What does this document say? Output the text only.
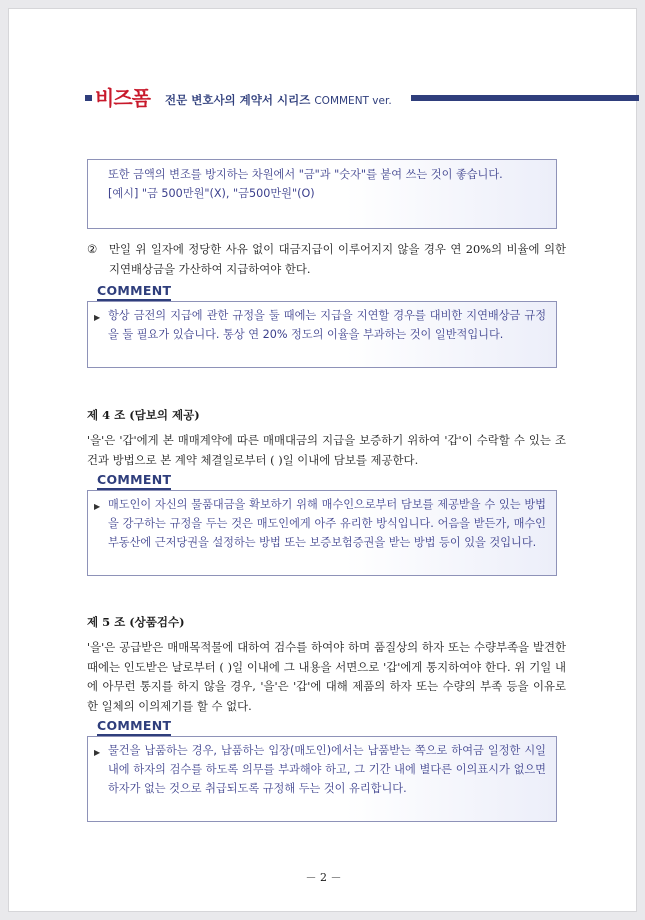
비즈폼 전문 변호사의 계약서 시리즈 COMMENT ver.

또한 금액의 변조를 방지하는 차원에서 "금"과 "숫자"를 붙여 쓰는 것이 좋습니다.

[예시] "금 500만원"(X), "금500만원"(O)

② 만일 위 일자에 정당한 사유 없이 대금지급이 이루어지지 않을 경우 연 20%의 비율에 의한 지연배상금을 가산하여 지급하여야 한다.
COMMENT
▶ 항상 금전의 지급에 관한 규정을 둘 때에는 지급을 지연할 경우를 대비한 지연배상금 규정을 둘 필요가 있습니다. 통상 연 20% 정도의 이율을 부과하는 것이 일반적입니다.

제 4 조 (담보의 제공)
'을'은 '갑'에게 본 매매계약에 따른 매매대금의 지급을 보증하기 위하여 '갑'이 수락할 수 있는 조건과 방법으로 본 계약 체결일로부터 ( )일 이내에 담보를 제공한다.
COMMENT
▶ 매도인이 자신의 물품대금을 확보하기 위해 매수인으로부터 담보를 제공받을 수 있는 방법을 강구하는 규정을 두는 것은 매도인에게 아주 유리한 방식입니다. 어음을 받든가, 매수인 부동산에 근저당권을 설정하는 방법 또는 보증보험증권을 받는 방법 등이 있을 것입니다.

제 5 조 (상품검수)
'을'은 공급받은 매매목적물에 대하여 검수를 하여야 하며 품질상의 하자 또는 수량부족을 발견한 때에는 인도받은 날로부터 ( )일 이내에 그 내용을 서면으로 '갑'에게 통지하여야 한다. 위 기일 내에 아무런 통지를 하지 않을 경우, '을'은 '갑'에 대해 제품의 하자 또는 수량의 부족 등을 이유로 한 일체의 이의제기를 할 수 없다.
COMMENT
▶ 물건을 납품하는 경우, 납품하는 입장(매도인)에서는 납품받는 쪽으로 하여금 일정한 시일 내에 하자의 검수를 하도록 의무를 부과해야 하고, 그 기간 내에 별다른 이의표시가 없으면 하자가 없는 것으로 취급되도록 규정해 두는 것이 유리합니다.

－ 2 －
